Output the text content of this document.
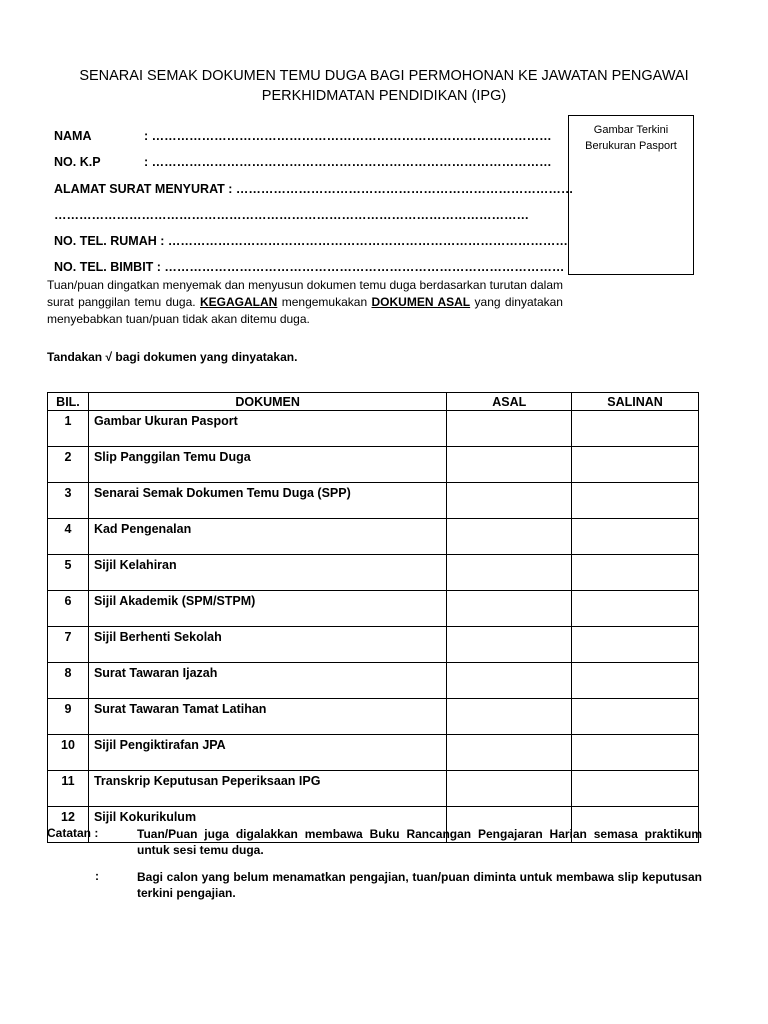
SENARAI SEMAK DOKUMEN TEMU DUGA BAGI PERMOHONAN KE JAWATAN PENGAWAI
PERKHIDMATAN PENDIDIKAN (IPG)
NAMA	: ……………………………………………………………………………………
NO. K.P	: ……………………………………………………………………………………
ALAMAT SURAT MENYURAT : ………………………………………………………………………
……………………………………………………………………………………………………
NO. TEL. RUMAH : ……………………………………………………………………………………
NO. TEL. BIMBIT : ……………………………………………………………………………………
Gambar Terkini
Berukuran Pasport
Tuan/puan dingatkan menyemak dan menyusun dokumen temu duga berdasarkan turutan dalam surat panggilan temu duga. KEGAGALAN mengemukakan DOKUMEN ASAL yang dinyatakan menyebabkan tuan/puan tidak akan ditemu duga.
Tandakan √ bagi dokumen yang dinyatakan.
BIL.	DOKUMEN	ASAL	SALINAN
1	Gambar Ukuran Pasport		
2	Slip Panggilan Temu Duga		
3	Senarai Semak Dokumen Temu Duga (SPP)		
4	Kad Pengenalan		
5	Sijil Kelahiran		
6	Sijil Akademik (SPM/STPM)		
7	Sijil Berhenti Sekolah		
8	Surat Tawaran Ijazah		
9	Surat Tawaran Tamat Latihan		
10	Sijil Pengiktirafan JPA		
11	Transkrip Keputusan Peperiksaan IPG		
12	Sijil Kokurikulum		
Catatan :	Tuan/Puan juga digalakkan membawa Buku Rancangan Pengajaran Harian semasa praktikum untuk sesi temu duga.
:	Bagi calon yang belum menamatkan pengajian, tuan/puan diminta untuk membawa slip keputusan terkini pengajian.
